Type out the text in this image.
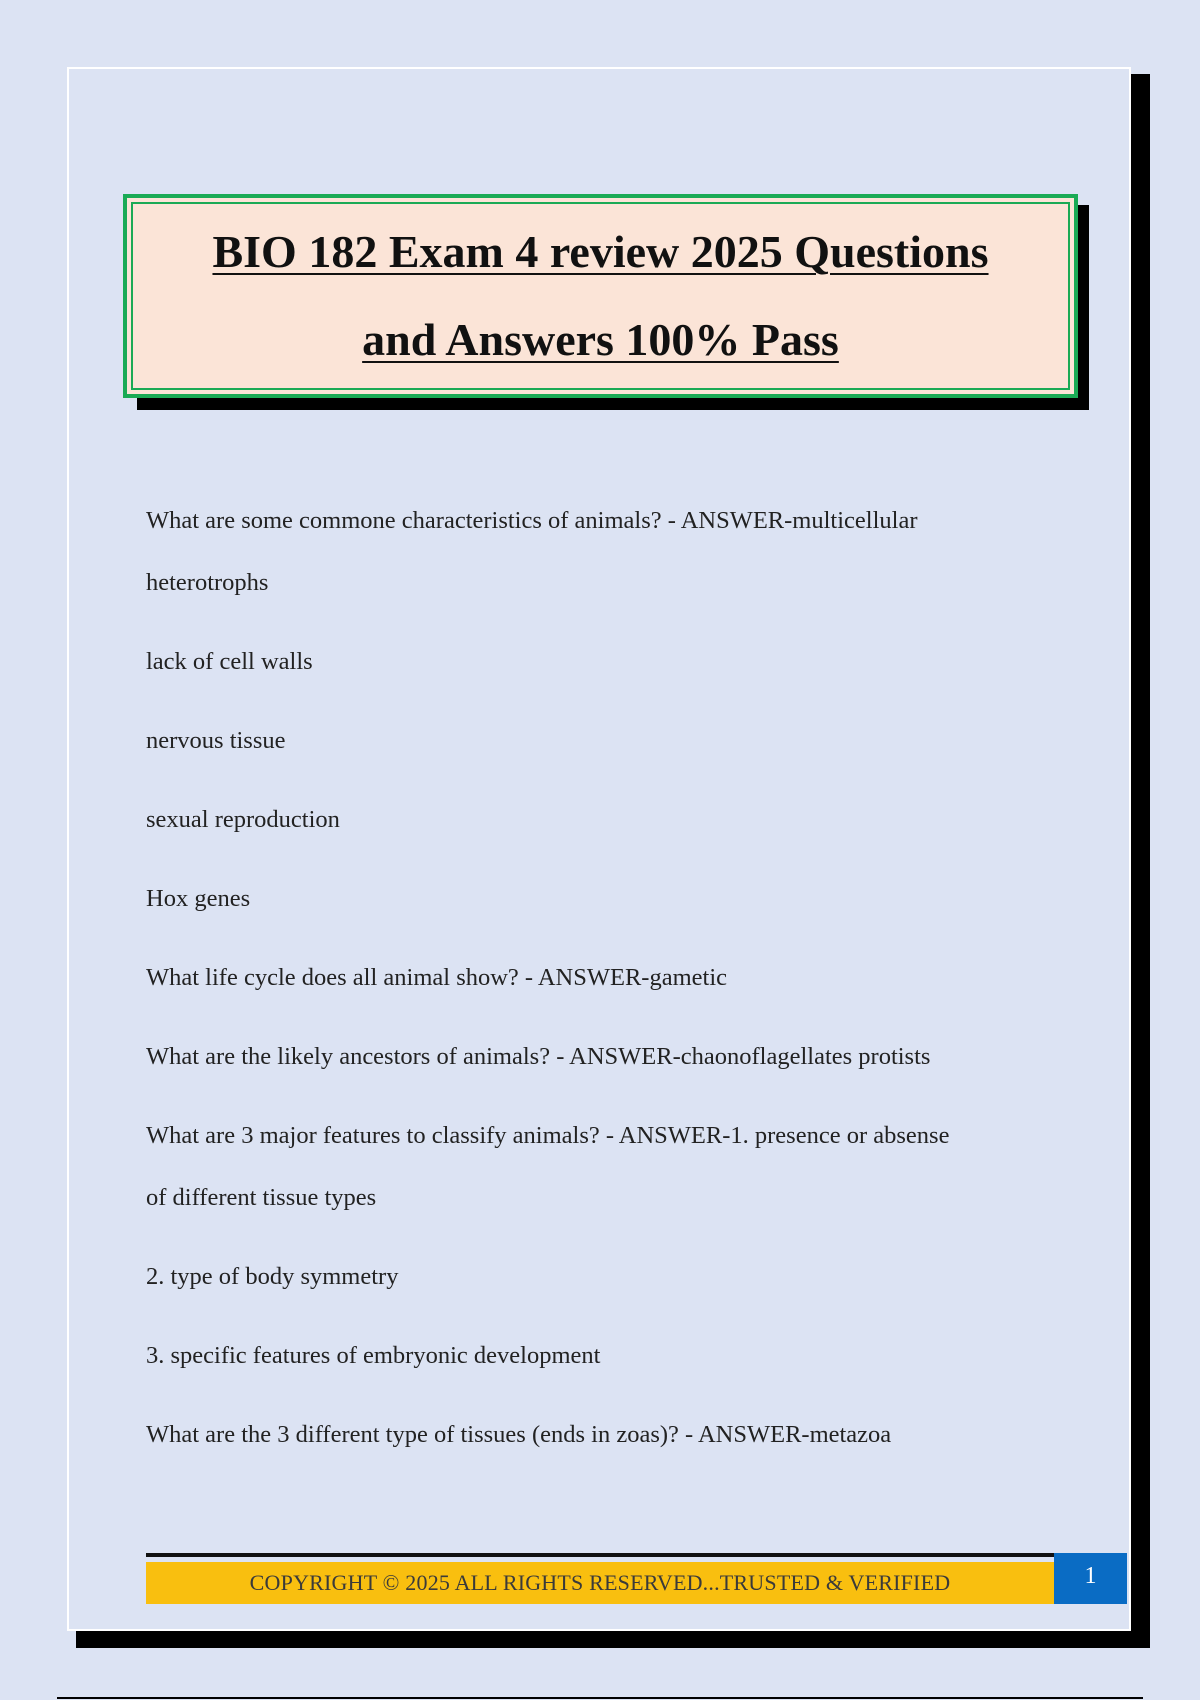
BIO 182 Exam 4 review 2025 Questions
and Answers 100% Pass

What are some commone characteristics of animals? - ANSWER-multicellular

heterotrophs

lack of cell walls

nervous tissue

sexual reproduction

Hox genes

What life cycle does all animal show? - ANSWER-gametic

What are the likely ancestors of animals? - ANSWER-chaonoflagellates protists

What are 3 major features to classify animals? - ANSWER-1. presence or absense

of different tissue types

2. type of body symmetry

3. specific features of embryonic development

What are the 3 different type of tissues (ends in zoas)? - ANSWER-metazoa

COPYRIGHT © 2025 ALL RIGHTS RESERVED...TRUSTED & VERIFIED	1
